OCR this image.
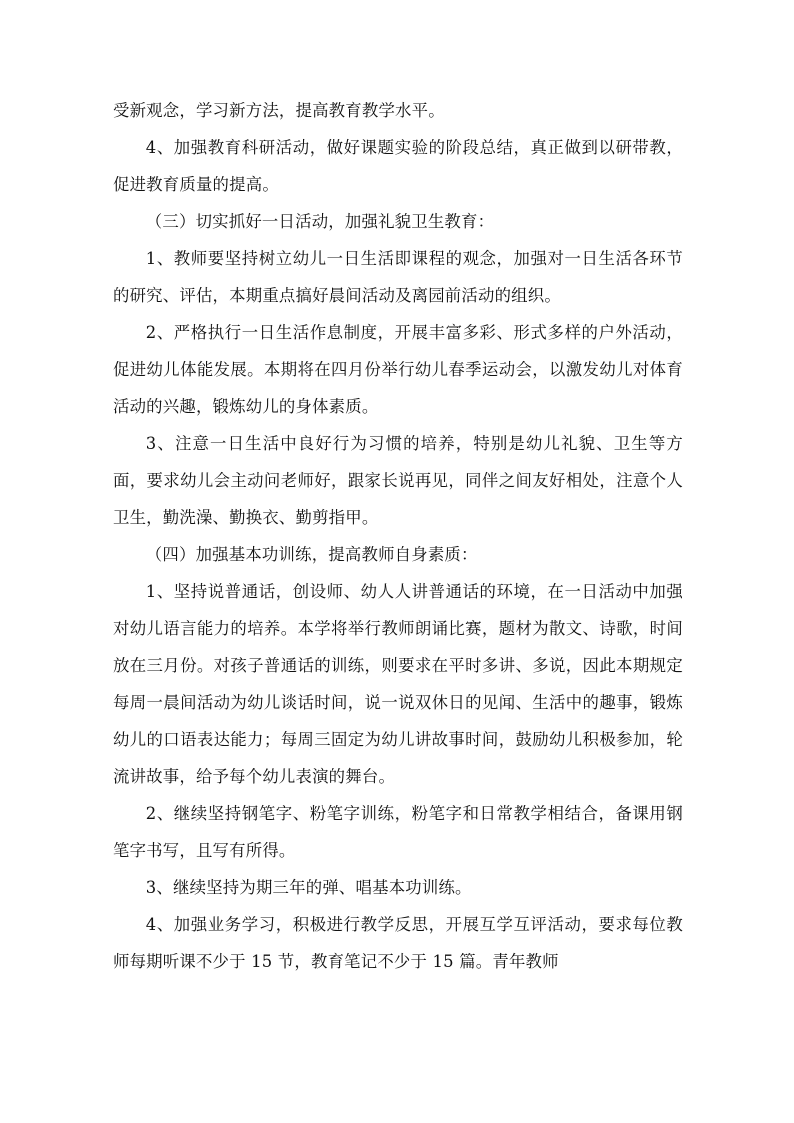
受新观念，学习新方法，提高教育教学水平。

4、加强教育科研活动，做好课题实验的阶段总结，真正做到以研带教，促进教育质量的提高。

（三）切实抓好一日活动，加强礼貌卫生教育：

1、教师要坚持树立幼儿一日生活即课程的观念，加强对一日生活各环节的研究、评估，本期重点搞好晨间活动及离园前活动的组织。

2、严格执行一日生活作息制度，开展丰富多彩、形式多样的户外活动，促进幼儿体能发展。本期将在四月份举行幼儿春季运动会，以激发幼儿对体育活动的兴趣，锻炼幼儿的身体素质。

3、注意一日生活中良好行为习惯的培养，特别是幼儿礼貌、卫生等方面，要求幼儿会主动问老师好，跟家长说再见，同伴之间友好相处，注意个人卫生，勤洗澡、勤换衣、勤剪指甲。

（四）加强基本功训练，提高教师自身素质：

1、坚持说普通话，创设师、幼人人讲普通话的环境，在一日活动中加强对幼儿语言能力的培养。本学将举行教师朗诵比赛，题材为散文、诗歌，时间放在三月份。对孩子普通话的训练，则要求在平时多讲、多说，因此本期规定每周一晨间活动为幼儿谈话时间，说一说双休日的见闻、生活中的趣事，锻炼幼儿的口语表达能力；每周三固定为幼儿讲故事时间，鼓励幼儿积极参加，轮流讲故事，给予每个幼儿表演的舞台。

2、继续坚持钢笔字、粉笔字训练，粉笔字和日常教学相结合，备课用钢笔字书写，且写有所得。

3、继续坚持为期三年的弹、唱基本功训练。

4、加强业务学习，积极进行教学反思，开展互学互评活动，要求每位教师每期听课不少于 15 节，教育笔记不少于 15 篇。青年教师
